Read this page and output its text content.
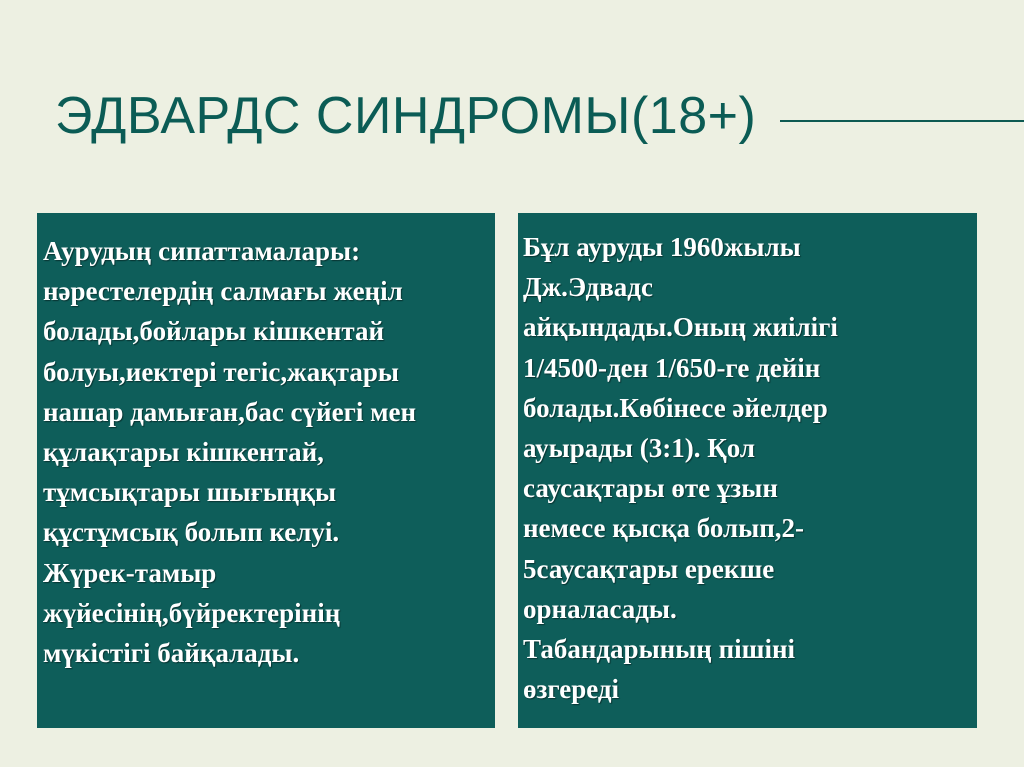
ЭДВАРДС СИНДРОМЫ(18+)

Аурудың сипаттамалары:
нәрестелердің салмағы жеңіл
болады,бойлары кішкентай
болуы,иектері тегіс,жақтары
нашар дамыған,бас сүйегі мен
құлақтары кішкентай,
тұмсықтары шығыңқы
құстұмсық болып келуі.
Жүрек-тамыр
жүйесінің,бүйректерінің
мүкістігі байқалады.

Бұл ауруды 1960жылы
Дж.Эдвадс
айқындады.Оның жиілігі
1/4500-ден 1/650-ге дейін
болады.Көбінесе әйелдер
ауырады (3:1). Қол
саусақтары өте ұзын
немесе қысқа болып,2-
5саусақтары ерекше
орналасады.
Табандарының пішіні
өзгереді
